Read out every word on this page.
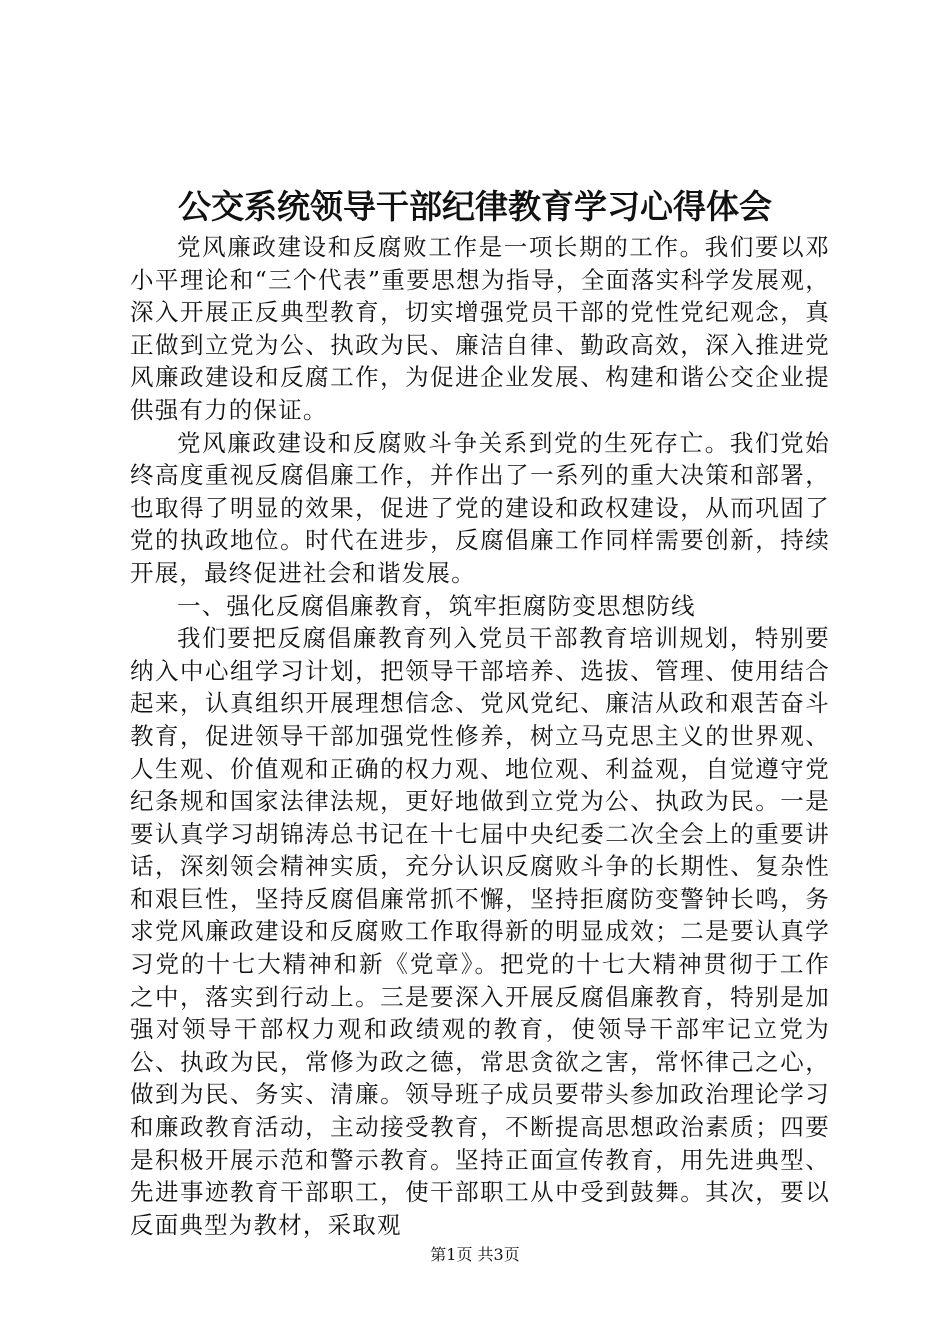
公交系统领导干部纪律教育学习心得体会

党风廉政建设和反腐败工作是一项长期的工作。我们要以邓小平理论和“三个代表”重要思想为指导，全面落实科学发展观，深入开展正反典型教育，切实增强党员干部的党性党纪观念，真正做到立党为公、执政为民、廉洁自律、勤政高效，深入推进党风廉政建设和反腐工作，为促进企业发展、构建和谐公交企业提供强有力的保证。

党风廉政建设和反腐败斗争关系到党的生死存亡。我们党始终高度重视反腐倡廉工作，并作出了一系列的重大决策和部署，也取得了明显的效果，促进了党的建设和政权建设，从而巩固了党的执政地位。时代在进步，反腐倡廉工作同样需要创新，持续开展，最终促进社会和谐发展。

一、强化反腐倡廉教育，筑牢拒腐防变思想防线

我们要把反腐倡廉教育列入党员干部教育培训规划，特别要纳入中心组学习计划，把领导干部培养、选拔、管理、使用结合起来，认真组织开展理想信念、党风党纪、廉洁从政和艰苦奋斗教育，促进领导干部加强党性修养，树立马克思主义的世界观、人生观、价值观和正确的权力观、地位观、利益观，自觉遵守党纪条规和国家法律法规，更好地做到立党为公、执政为民。一是要认真学习胡锦涛总书记在十七届中央纪委二次全会上的重要讲话，深刻领会精神实质，充分认识反腐败斗争的长期性、复杂性和艰巨性，坚持反腐倡廉常抓不懈，坚持拒腐防变警钟长鸣，务求党风廉政建设和反腐败工作取得新的明显成效；二是要认真学习党的十七大精神和新《党章》。把党的十七大精神贯彻于工作之中，落实到行动上。三是要深入开展反腐倡廉教育，特别是加强对领导干部权力观和政绩观的教育，使领导干部牢记立党为公、执政为民，常修为政之德，常思贪欲之害，常怀律己之心，做到为民、务实、清廉。领导班子成员要带头参加政治理论学习和廉政教育活动，主动接受教育，不断提高思想政治素质；四要是积极开展示范和警示教育。坚持正面宣传教育，用先进典型、先进事迹教育干部职工，使干部职工从中受到鼓舞。其次，要以反面典型为教材，采取观

第1页 共3页
